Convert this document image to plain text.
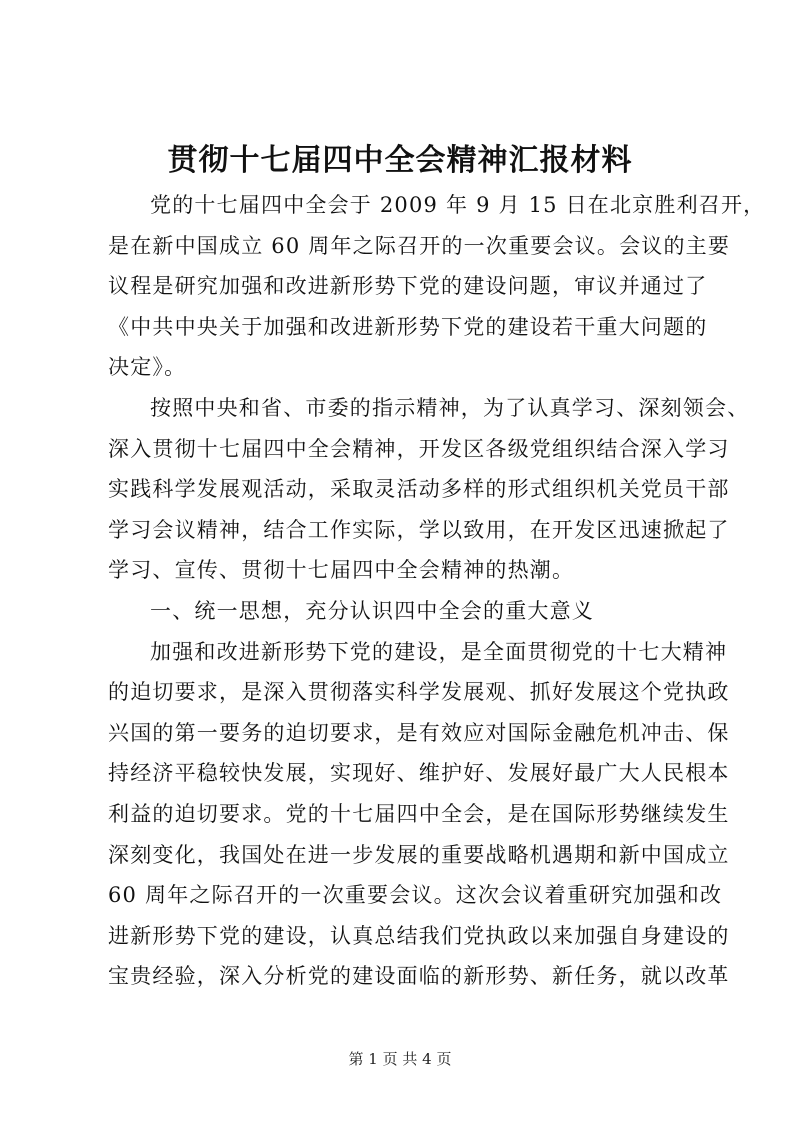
贯彻十七届四中全会精神汇报材料
党的十七届四中全会于 2009 年 9 月 15 日在北京胜利召开，
是在新中国成立 60 周年之际召开的一次重要会议。会议的主要
议程是研究加强和改进新形势下党的建设问题，审议并通过了
《中共中央关于加强和改进新形势下党的建设若干重大问题的
决定》。
按照中央和省、市委的指示精神，为了认真学习、深刻领会、
深入贯彻十七届四中全会精神，开发区各级党组织结合深入学习
实践科学发展观活动，采取灵活动多样的形式组织机关党员干部
学习会议精神，结合工作实际，学以致用，在开发区迅速掀起了
学习、宣传、贯彻十七届四中全会精神的热潮。
一、统一思想，充分认识四中全会的重大意义
加强和改进新形势下党的建设，是全面贯彻党的十七大精神
的迫切要求，是深入贯彻落实科学发展观、抓好发展这个党执政
兴国的第一要务的迫切要求，是有效应对国际金融危机冲击、保
持经济平稳较快发展，实现好、维护好、发展好最广大人民根本
利益的迫切要求。党的十七届四中全会，是在国际形势继续发生
深刻变化，我国处在进一步发展的重要战略机遇期和新中国成立
60 周年之际召开的一次重要会议。这次会议着重研究加强和改
进新形势下党的建设，认真总结我们党执政以来加强自身建设的
宝贵经验，深入分析党的建设面临的新形势、新任务，就以改革
第 1 页 共 4 页
